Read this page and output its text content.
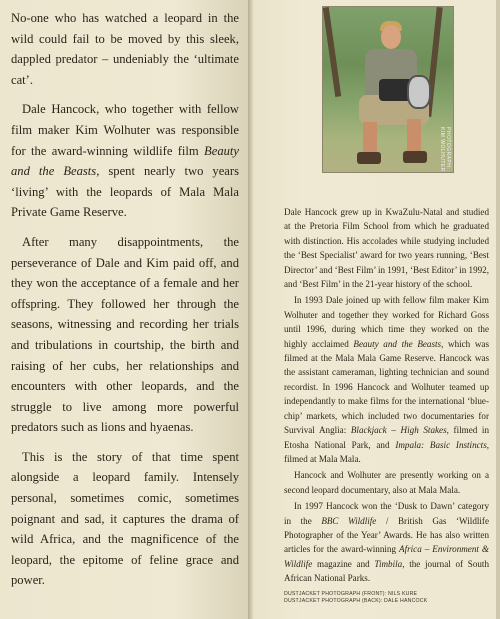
No-one who has watched a leopard in the wild could fail to be moved by this sleek, dappled predator – undeniably the ‘ultimate cat’.

Dale Hancock, who together with fellow film maker Kim Wolhuter was responsible for the award-winning wildlife film Beauty and the Beasts, spent nearly two years ‘living’ with the leopards of Mala Mala Private Game Reserve.

After many disappointments, the perseverance of Dale and Kim paid off, and they won the acceptance of a female and her offspring. They followed her through the seasons, witnessing and recording her trials and tribulations in courtship, the birth and raising of her cubs, her relationships and encounters with other leopards, and the struggle to live among more powerful predators such as lions and hyaenas.

This is the story of that time spent alongside a leopard family. Intensely personal, sometimes comic, sometimes poignant and sad, it captures the drama of wild Africa, and the magnificence of the leopard, the epitome of feline grace and power.

PHOTOGRAPH: KIM WOLHUTER

Dale Hancock grew up in KwaZulu-Natal and studied at the Pretoria Film School from which he graduated with distinction. His accolades while studying included the ‘Best Specialist’ award for two years running, ‘Best Director’ and ‘Best Film’ in 1991, ‘Best Editor’ in 1992, and ‘Best Film’ in the 21-year history of the school.

In 1993 Dale joined up with fellow film maker Kim Wolhuter and together they worked for Richard Goss until 1996, during which time they worked on the highly acclaimed Beauty and the Beasts, which was filmed at the Mala Mala Game Reserve. Hancock was the assistant cameraman, lighting technician and sound recordist. In 1996 Hancock and Wolhuter teamed up independantly to make films for the international ‘blue-chip’ markets, which included two documentaries for Survival Anglia: Blackjack – High Stakes, filmed in Etosha National Park, and Impala: Basic Instincts, filmed at Mala Mala.

Hancock and Wolhuter are presently working on a second leopard documentary, also at Mala Mala.

In 1997 Hancock won the ‘Dusk to Dawn’ category in the BBC Wildlife / British Gas ‘Wildlife Photographer of the Year’ Awards. He has also written articles for the award-winning Africa – Environment & Wildlife magazine and Timbila, the journal of South African National Parks.

DUSTJACKET PHOTOGRAPH (FRONT): NILS KURE
DUSTJACKET PHOTOGRAPH (BACK): DALE HANCOCK
